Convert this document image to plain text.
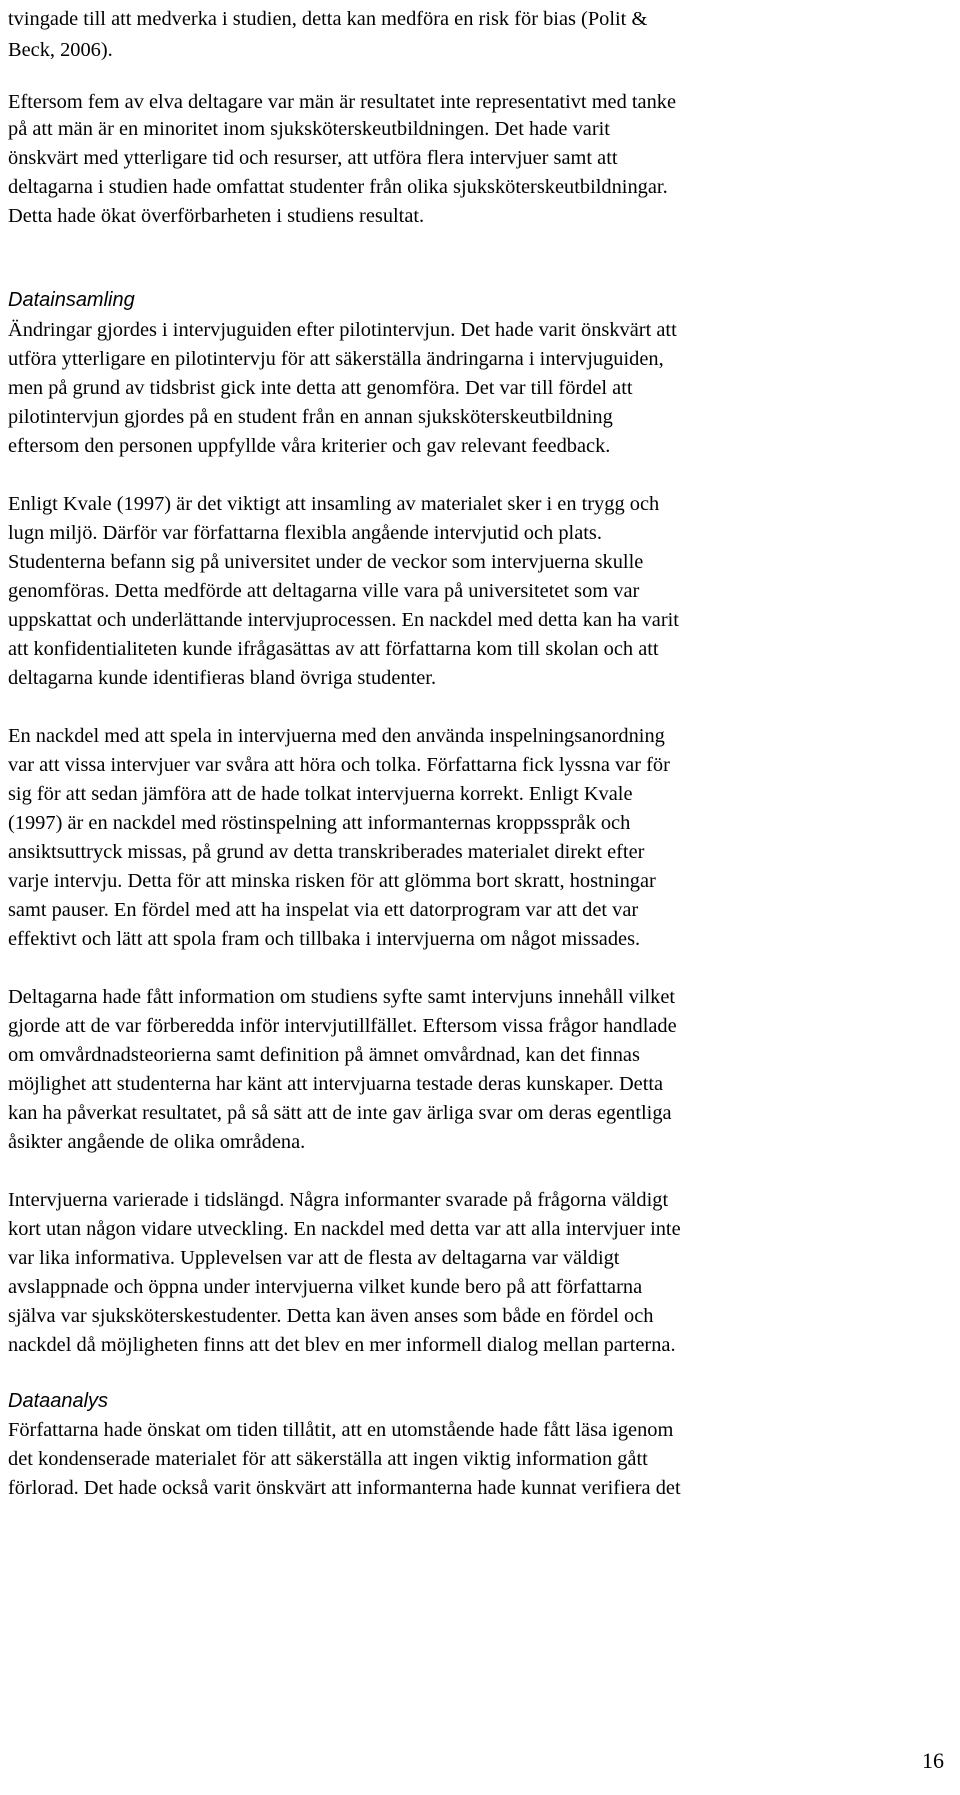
tvingade till att medverka i studien, detta kan medföra en risk för bias (Polit &
Beck, 2006).
Eftersom fem av elva deltagare var män är resultatet inte representativt med tanke
på att män är en minoritet inom sjuksköterskeutbildningen. Det hade varit
önskvärt med ytterligare tid och resurser, att utföra flera intervjuer samt att
deltagarna i studien hade omfattat studenter från olika sjuksköterskeutbildningar.
Detta hade ökat överförbarheten i studiens resultat.
Datainsamling
Ändringar gjordes i intervjuguiden efter pilotintervjun. Det hade varit önskvärt att
utföra ytterligare en pilotintervju för att säkerställa ändringarna i intervjuguiden,
men på grund av tidsbrist gick inte detta att genomföra. Det var till fördel att
pilotintervjun gjordes på en student från en annan sjuksköterskeutbildning
eftersom den personen uppfyllde våra kriterier och gav relevant feedback.
Enligt Kvale (1997) är det viktigt att insamling av materialet sker i en trygg och
lugn miljö. Därför var författarna flexibla angående intervjutid och plats.
Studenterna befann sig på universitet under de veckor som intervjuerna skulle
genomföras. Detta medförde att deltagarna ville vara på universitetet som var
uppskattat och underlättande intervjuprocessen. En nackdel med detta kan ha varit
att konfidentialiteten kunde ifrågasättas av att författarna kom till skolan och att
deltagarna kunde identifieras bland övriga studenter.
En nackdel med att spela in intervjuerna med den använda inspelningsanordning
var att vissa intervjuer var svåra att höra och tolka. Författarna fick lyssna var för
sig för att sedan jämföra att de hade tolkat intervjuerna korrekt. Enligt Kvale
(1997) är en nackdel med röstinspelning att informanternas kroppsspråk och
ansiktsuttryck missas, på grund av detta transkriberades materialet direkt efter
varje intervju. Detta för att minska risken för att glömma bort skratt, hostningar
samt pauser. En fördel med att ha inspelat via ett datorprogram var att det var
effektivt och lätt att spola fram och tillbaka i intervjuerna om något missades.
Deltagarna hade fått information om studiens syfte samt intervjuns innehåll vilket
gjorde att de var förberedda inför intervjutillfället. Eftersom vissa frågor handlade
om omvårdnadsteorierna samt definition på ämnet omvårdnad, kan det finnas
möjlighet att studenterna har känt att intervjuarna testade deras kunskaper. Detta
kan ha påverkat resultatet, på så sätt att de inte gav ärliga svar om deras egentliga
åsikter angående de olika områdena.
Intervjuerna varierade i tidslängd. Några informanter svarade på frågorna väldigt
kort utan någon vidare utveckling. En nackdel med detta var att alla intervjuer inte
var lika informativa. Upplevelsen var att de flesta av deltagarna var väldigt
avslappnade och öppna under intervjuerna vilket kunde bero på att författarna
själva var sjuksköterskestudenter. Detta kan även anses som både en fördel och
nackdel då möjligheten finns att det blev en mer informell dialog mellan parterna.
Dataanalys
Författarna hade önskat om tiden tillåtit, att en utomstående hade fått läsa igenom
det kondenserade materialet för att säkerställa att ingen viktig information gått
förlorad. Det hade också varit önskvärt att informanterna hade kunnat verifiera det
16
